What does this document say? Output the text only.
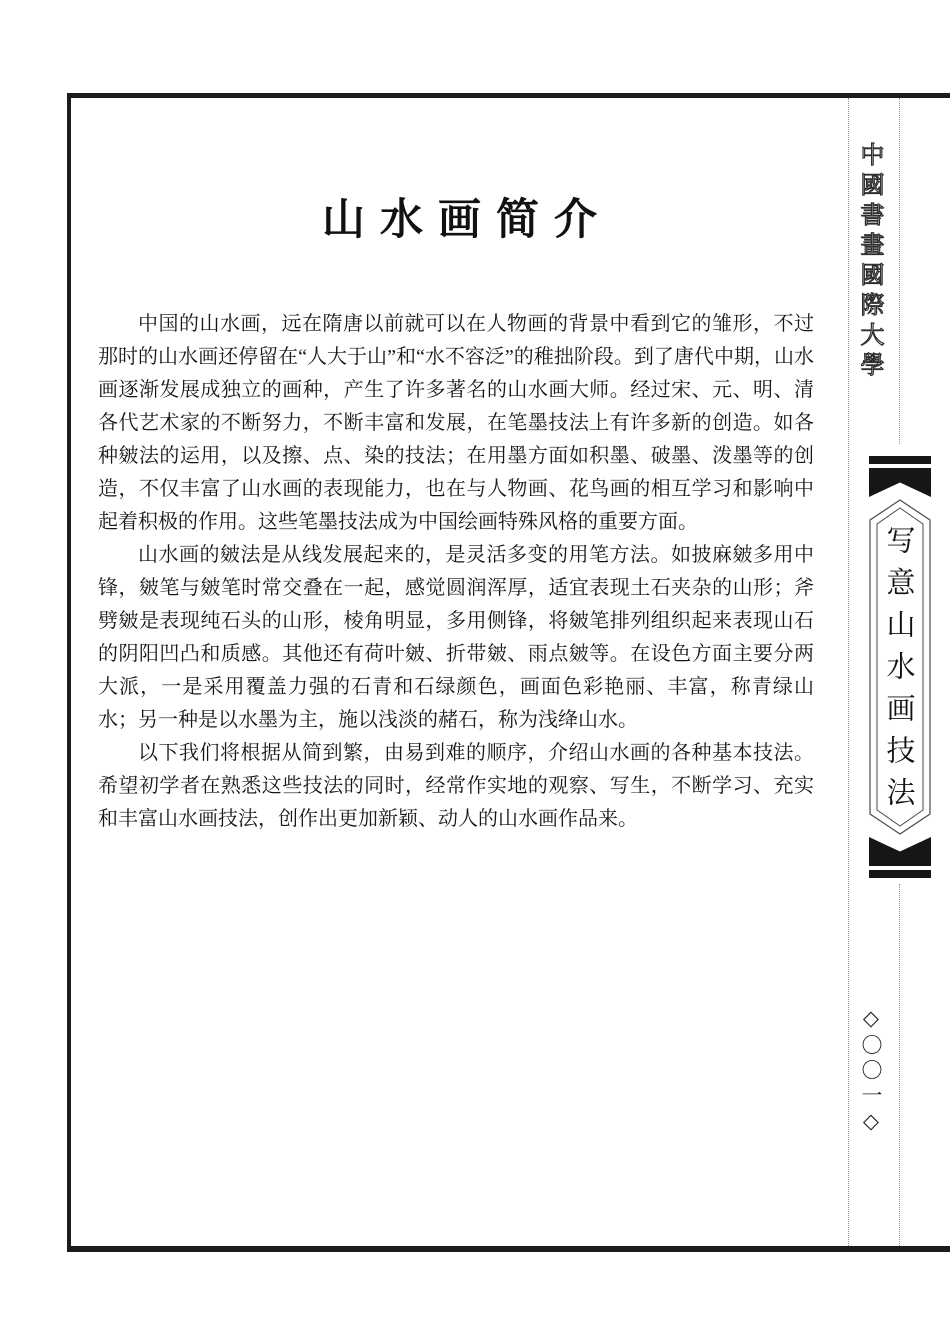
山水画简介

中国的山水画，远在隋唐以前就可以在人物画的背景中看到它的雏形，不过那时的山水画还停留在“人大于山”和“水不容泛”的稚拙阶段。到了唐代中期，山水画逐渐发展成独立的画种，产生了许多著名的山水画大师。经过宋、元、明、清各代艺术家的不断努力，不断丰富和发展，在笔墨技法上有许多新的创造。如各种皴法的运用，以及擦、点、染的技法；在用墨方面如积墨、破墨、泼墨等的创造，不仅丰富了山水画的表现能力，也在与人物画、花鸟画的相互学习和影响中起着积极的作用。这些笔墨技法成为中国绘画特殊风格的重要方面。

山水画的皴法是从线发展起来的，是灵活多变的用笔方法。如披麻皴多用中锋，皴笔与皴笔时常交叠在一起，感觉圆润浑厚，适宜表现土石夹杂的山形；斧劈皴是表现纯石头的山形，棱角明显，多用侧锋，将皴笔排列组织起来表现山石的阴阳凹凸和质感。其他还有荷叶皴、折带皴、雨点皴等。在设色方面主要分两大派，一是采用覆盖力强的石青和石绿颜色，画面色彩艳丽、丰富，称青绿山水；另一种是以水墨为主，施以浅淡的赭石，称为浅绛山水。

以下我们将根据从简到繁，由易到难的顺序，介绍山水画的各种基本技法。希望初学者在熟悉这些技法的同时，经常作实地的观察、写生，不断学习、充实和丰富山水画技法，创作出更加新颖、动人的山水画作品来。

中國書畫國際大學
写意山水画技法
◇〇〇一◇
